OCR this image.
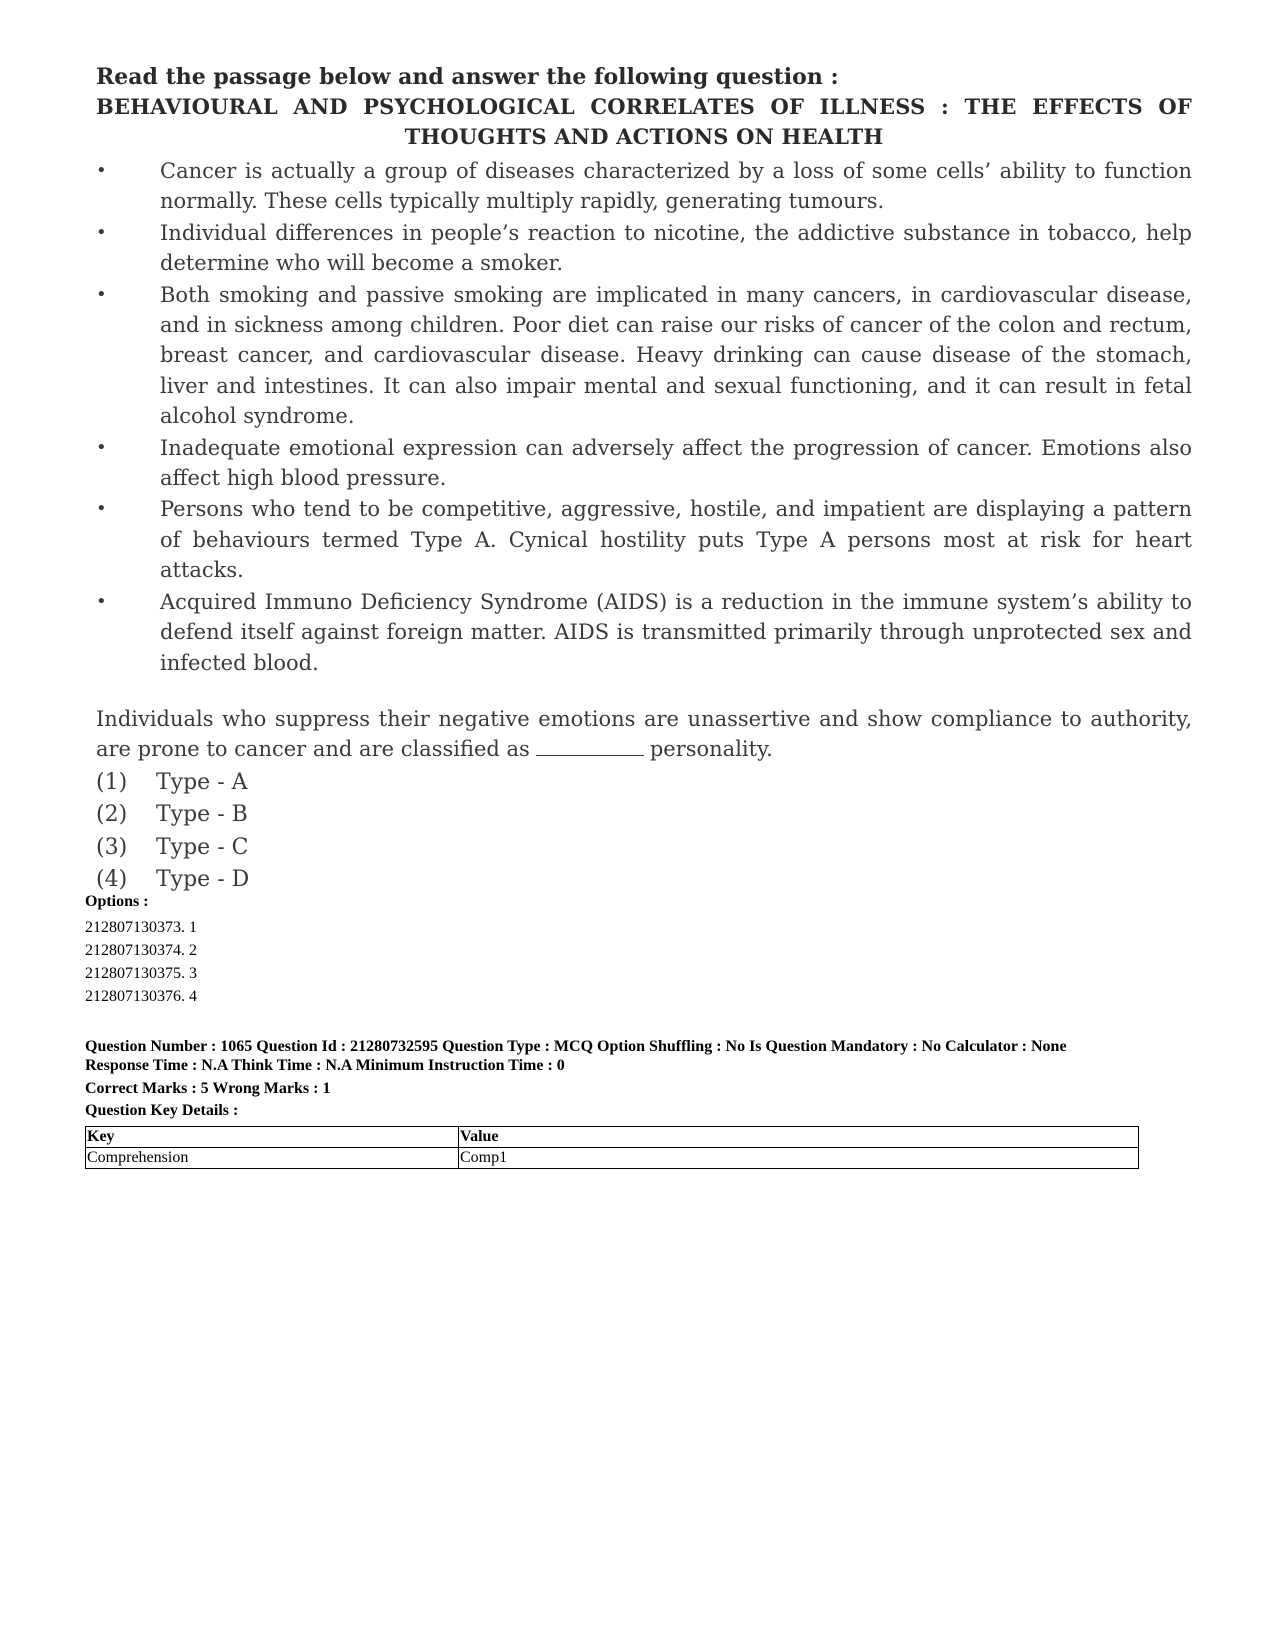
Read the passage below and answer the following question :
BEHAVIOURAL AND PSYCHOLOGICAL CORRELATES OF ILLNESS : THE EFFECTS OF
THOUGHTS AND ACTIONS ON HEALTH
•	Cancer is actually a group of diseases characterized by a loss of some cells’ ability to function normally. These cells typically multiply rapidly, generating tumours.
•	Individual differences in people’s reaction to nicotine, the addictive substance in tobacco, help determine who will become a smoker.
•	Both smoking and passive smoking are implicated in many cancers, in cardiovascular disease, and in sickness among children. Poor diet can raise our risks of cancer of the colon and rectum, breast cancer, and cardiovascular disease. Heavy drinking can cause disease of the stomach, liver and intestines. It can also impair mental and sexual functioning, and it can result in fetal alcohol syndrome.
•	Inadequate emotional expression can adversely affect the progression of cancer. Emotions also affect high blood pressure.
•	Persons who tend to be competitive, aggressive, hostile, and impatient are displaying a pattern of behaviours termed Type A. Cynical hostility puts Type A persons most at risk for heart attacks.
•	Acquired Immuno Deficiency Syndrome (AIDS) is a reduction in the immune system’s ability to defend itself against foreign matter. AIDS is transmitted primarily through unprotected sex and infected blood.
Individuals who suppress their negative emotions are unassertive and show compliance to authority, are prone to cancer and are classified as	personality.
(1) Type - A
(2) Type - B
(3) Type - C
(4) Type - D
Options :
212807130373. 1
212807130374. 2
212807130375. 3
212807130376. 4
Question Number : 1065 Question Id : 21280732595 Question Type : MCQ Option Shuffling : No Is Question Mandatory : No Calculator : None
Response Time : N.A Think Time : N.A Minimum Instruction Time : 0
Correct Marks : 5 Wrong Marks : 1
Question Key Details :
Key	Value
Comprehension	Comp1
